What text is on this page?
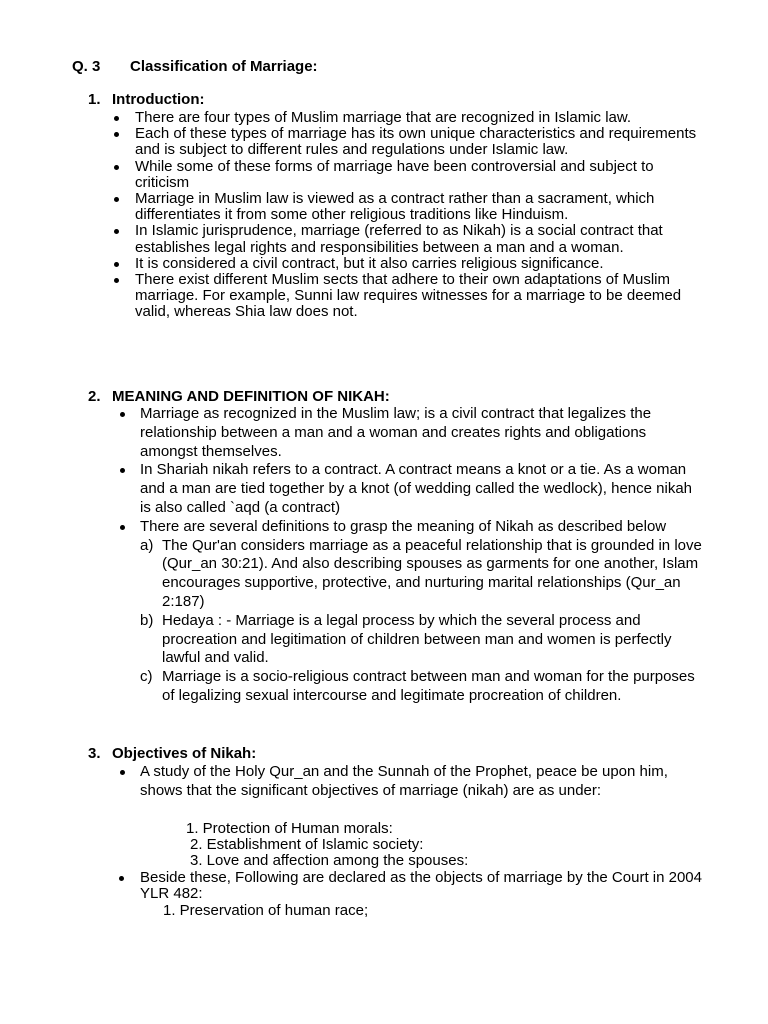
Q. 3 Classification of Marriage:
1. Introduction:
There are four types of Muslim marriage that are recognized in Islamic law.
Each of these types of marriage has its own unique characteristics and requirements and is subject to different rules and regulations under Islamic law.
While some of these forms of marriage have been controversial and subject to criticism
Marriage in Muslim law is viewed as a contract rather than a sacrament, which differentiates it from some other religious traditions like Hinduism.
In Islamic jurisprudence, marriage (referred to as Nikah) is a social contract that establishes legal rights and responsibilities between a man and a woman.
It is considered a civil contract, but it also carries religious significance.
There exist different Muslim sects that adhere to their own adaptations of Muslim marriage. For example, Sunni law requires witnesses for a marriage to be deemed valid, whereas Shia law does not.
2. MEANING AND DEFINITION OF NIKAH:
Marriage as recognized in the Muslim law; is a civil contract that legalizes the relationship between a man and a woman and creates rights and obligations amongst themselves.
In Shariah nikah refers to a contract. A contract means a knot or a tie. As a woman and a man are tied together by a knot (of wedding called the wedlock), hence nikah is also called `aqd (a contract)
There are several definitions to grasp the meaning of Nikah as described below
a) The Qur'an considers marriage as a peaceful relationship that is grounded in love (Qur_an 30:21). And also describing spouses as garments for one another, Islam encourages supportive, protective, and nurturing marital relationships (Qur_an 2:187)
b) Hedaya : - Marriage is a legal process by which the several process and procreation and legitimation of children between man and women is perfectly lawful and valid.
c) Marriage is a socio-religious contract between man and woman for the purposes of legalizing sexual intercourse and legitimate procreation of children.
3. Objectives of Nikah:
A study of the Holy Qur_an and the Sunnah of the Prophet, peace be upon him, shows that the significant objectives of marriage (nikah) are as under:
1. Protection of Human morals:
2. Establishment of Islamic society:
3. Love and affection among the spouses:
Beside these, Following are declared as the objects of marriage by the Court in 2004 YLR 482:
1. Preservation of human race;
